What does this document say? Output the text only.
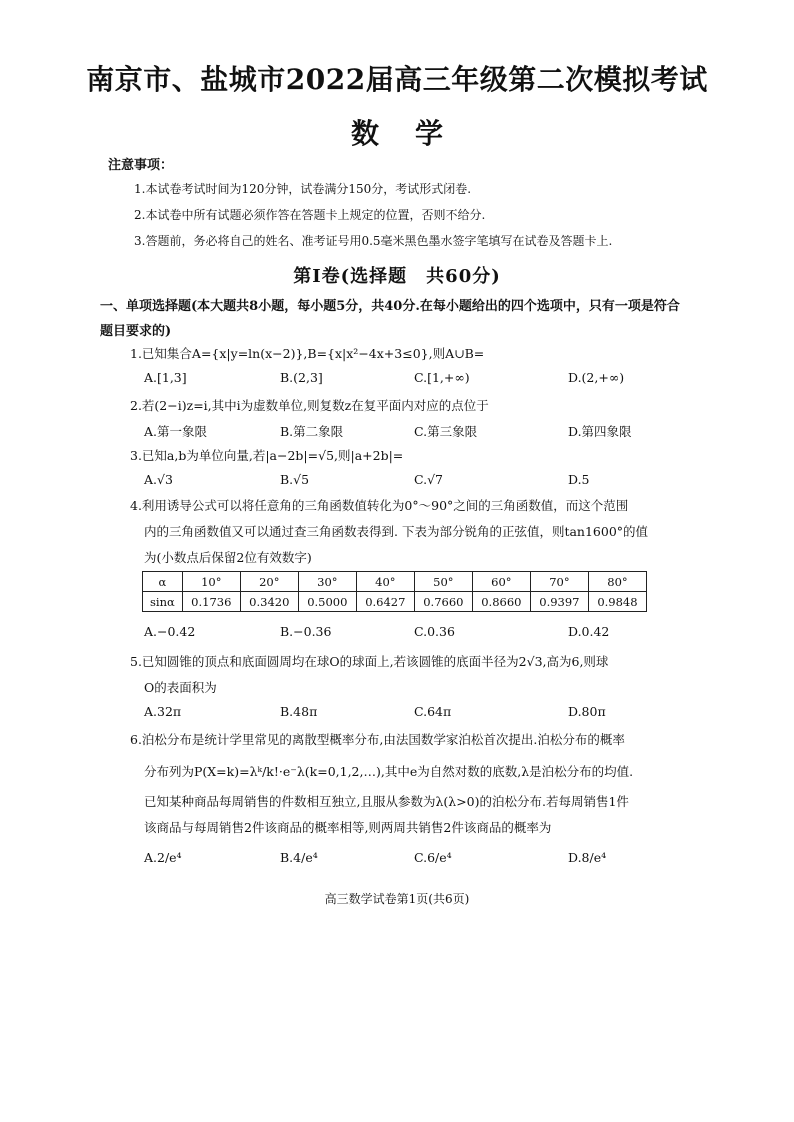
南京市、盐城市2022届高三年级第二次模拟考试
数学
注意事项：
1.本试卷考试时间为120分钟，试卷满分150分，考试形式闭卷.
2.本试卷中所有试题必须作答在答题卡上规定的位置，否则不给分.
3.答题前，务必将自己的姓名、准考证号用0.5毫米黑色墨水签字笔填写在试卷及答题卡上.
第Ⅰ卷(选择题　共60分)
一、单项选择题(本大题共8小题，每小题5分，共40分.在每小题给出的四个选项中，只有一项是符合题目要求的)
1.已知集合A={x|y=ln(x−2)},B={x|x²−4x+3≤0},则A∪B=
A.[1,3]	B.(2,3]	C.[1,+∞)	D.(2,+∞)
2.若(2−i)z=i,其中i为虚数单位,则复数z在复平面内对应的点位于
A.第一象限	B.第二象限	C.第三象限	D.第四象限
3.已知a,b为单位向量,若|a−2b|=√5,则|a+2b|=
A.√3	B.√5	C.√7	D.5
4.利用诱导公式可以将任意角的三角函数值转化为0°～90°之间的三角函数值，而这个范围
内的三角函数值又可以通过查三角函数表得到. 下表为部分锐角的正弦值，则tan1600°的值
为(小数点后保留2位有效数字)
α	10°	20°	30°	40°	50°	60°	70°	80°
sinα	0.1736	0.3420	0.5000	0.6427	0.7660	0.8660	0.9397	0.9848
A.−0.42	B.−0.36	C.0.36	D.0.42
5.已知圆锥的顶点和底面圆周均在球O的球面上,若该圆锥的底面半径为2√3,高为6,则球
O的表面积为
A.32π	B.48π	C.64π	D.80π
6.泊松分布是统计学里常见的离散型概率分布,由法国数学家泊松首次提出.泊松分布的概率
分布列为P(X=k)=λᵏ/k!·e⁻λ(k=0,1,2,…),其中e为自然对数的底数,λ是泊松分布的均值.
已知某种商品每周销售的件数相互独立,且服从参数为λ(λ>0)的泊松分布.若每周销售1件
该商品与每周销售2件该商品的概率相等,则两周共销售2件该商品的概率为
A.2/e⁴	B.4/e⁴	C.6/e⁴	D.8/e⁴
高三数学试卷第1页(共6页)
